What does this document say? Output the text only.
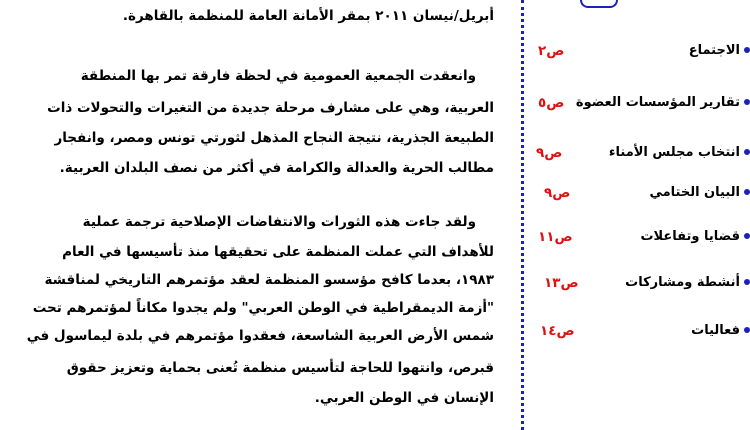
أبريل/نيسان ٢٠١١ بمقر الأمانة العامة للمنظمة بالقاهرة.
وانعقدت الجمعية العمومية في لحظة فارقة تمر بها المنطقة
العربية، وهي على مشارف مرحلة جديدة من التغيرات والتحولات ذات
الطبيعة الجذرية، نتيجة النجاح المذهل لثورتي تونس ومصر، وانفجار
مطالب الحرية والعدالة والكرامة في أكثر من نصف البلدان العربية.
ولقد جاءت هذه الثورات والانتفاضات الإصلاحية ترجمة عملية
للأهداف التي عملت المنظمة على تحقيقها منذ تأسيسها في العام
١٩٨٣، بعدما كافح مؤسسو المنظمة لعقد مؤتمرهم التاريخي لمناقشة
"أزمة الديمقراطية في الوطن العربي" ولم يجدوا مكاناً لمؤتمرهم تحت
شمس الأرض العربية الشاسعة، فعقدوا مؤتمرهم في بلدة ليماسول في
قبرص، وانتهوا للحاجة لتأسيس منظمة تُعنى بحماية وتعزيز حقوق
الإنسان في الوطن العربي.
الاجتماع
ص٢
تقارير المؤسسات العضوة
ص٥
انتخاب مجلس الأمناء
ص٩
البيان الختامي
ص٩
قضايا وتفاعلات
ص١١
أنشطة ومشاركات
ص١٣
فعاليات
ص١٤
